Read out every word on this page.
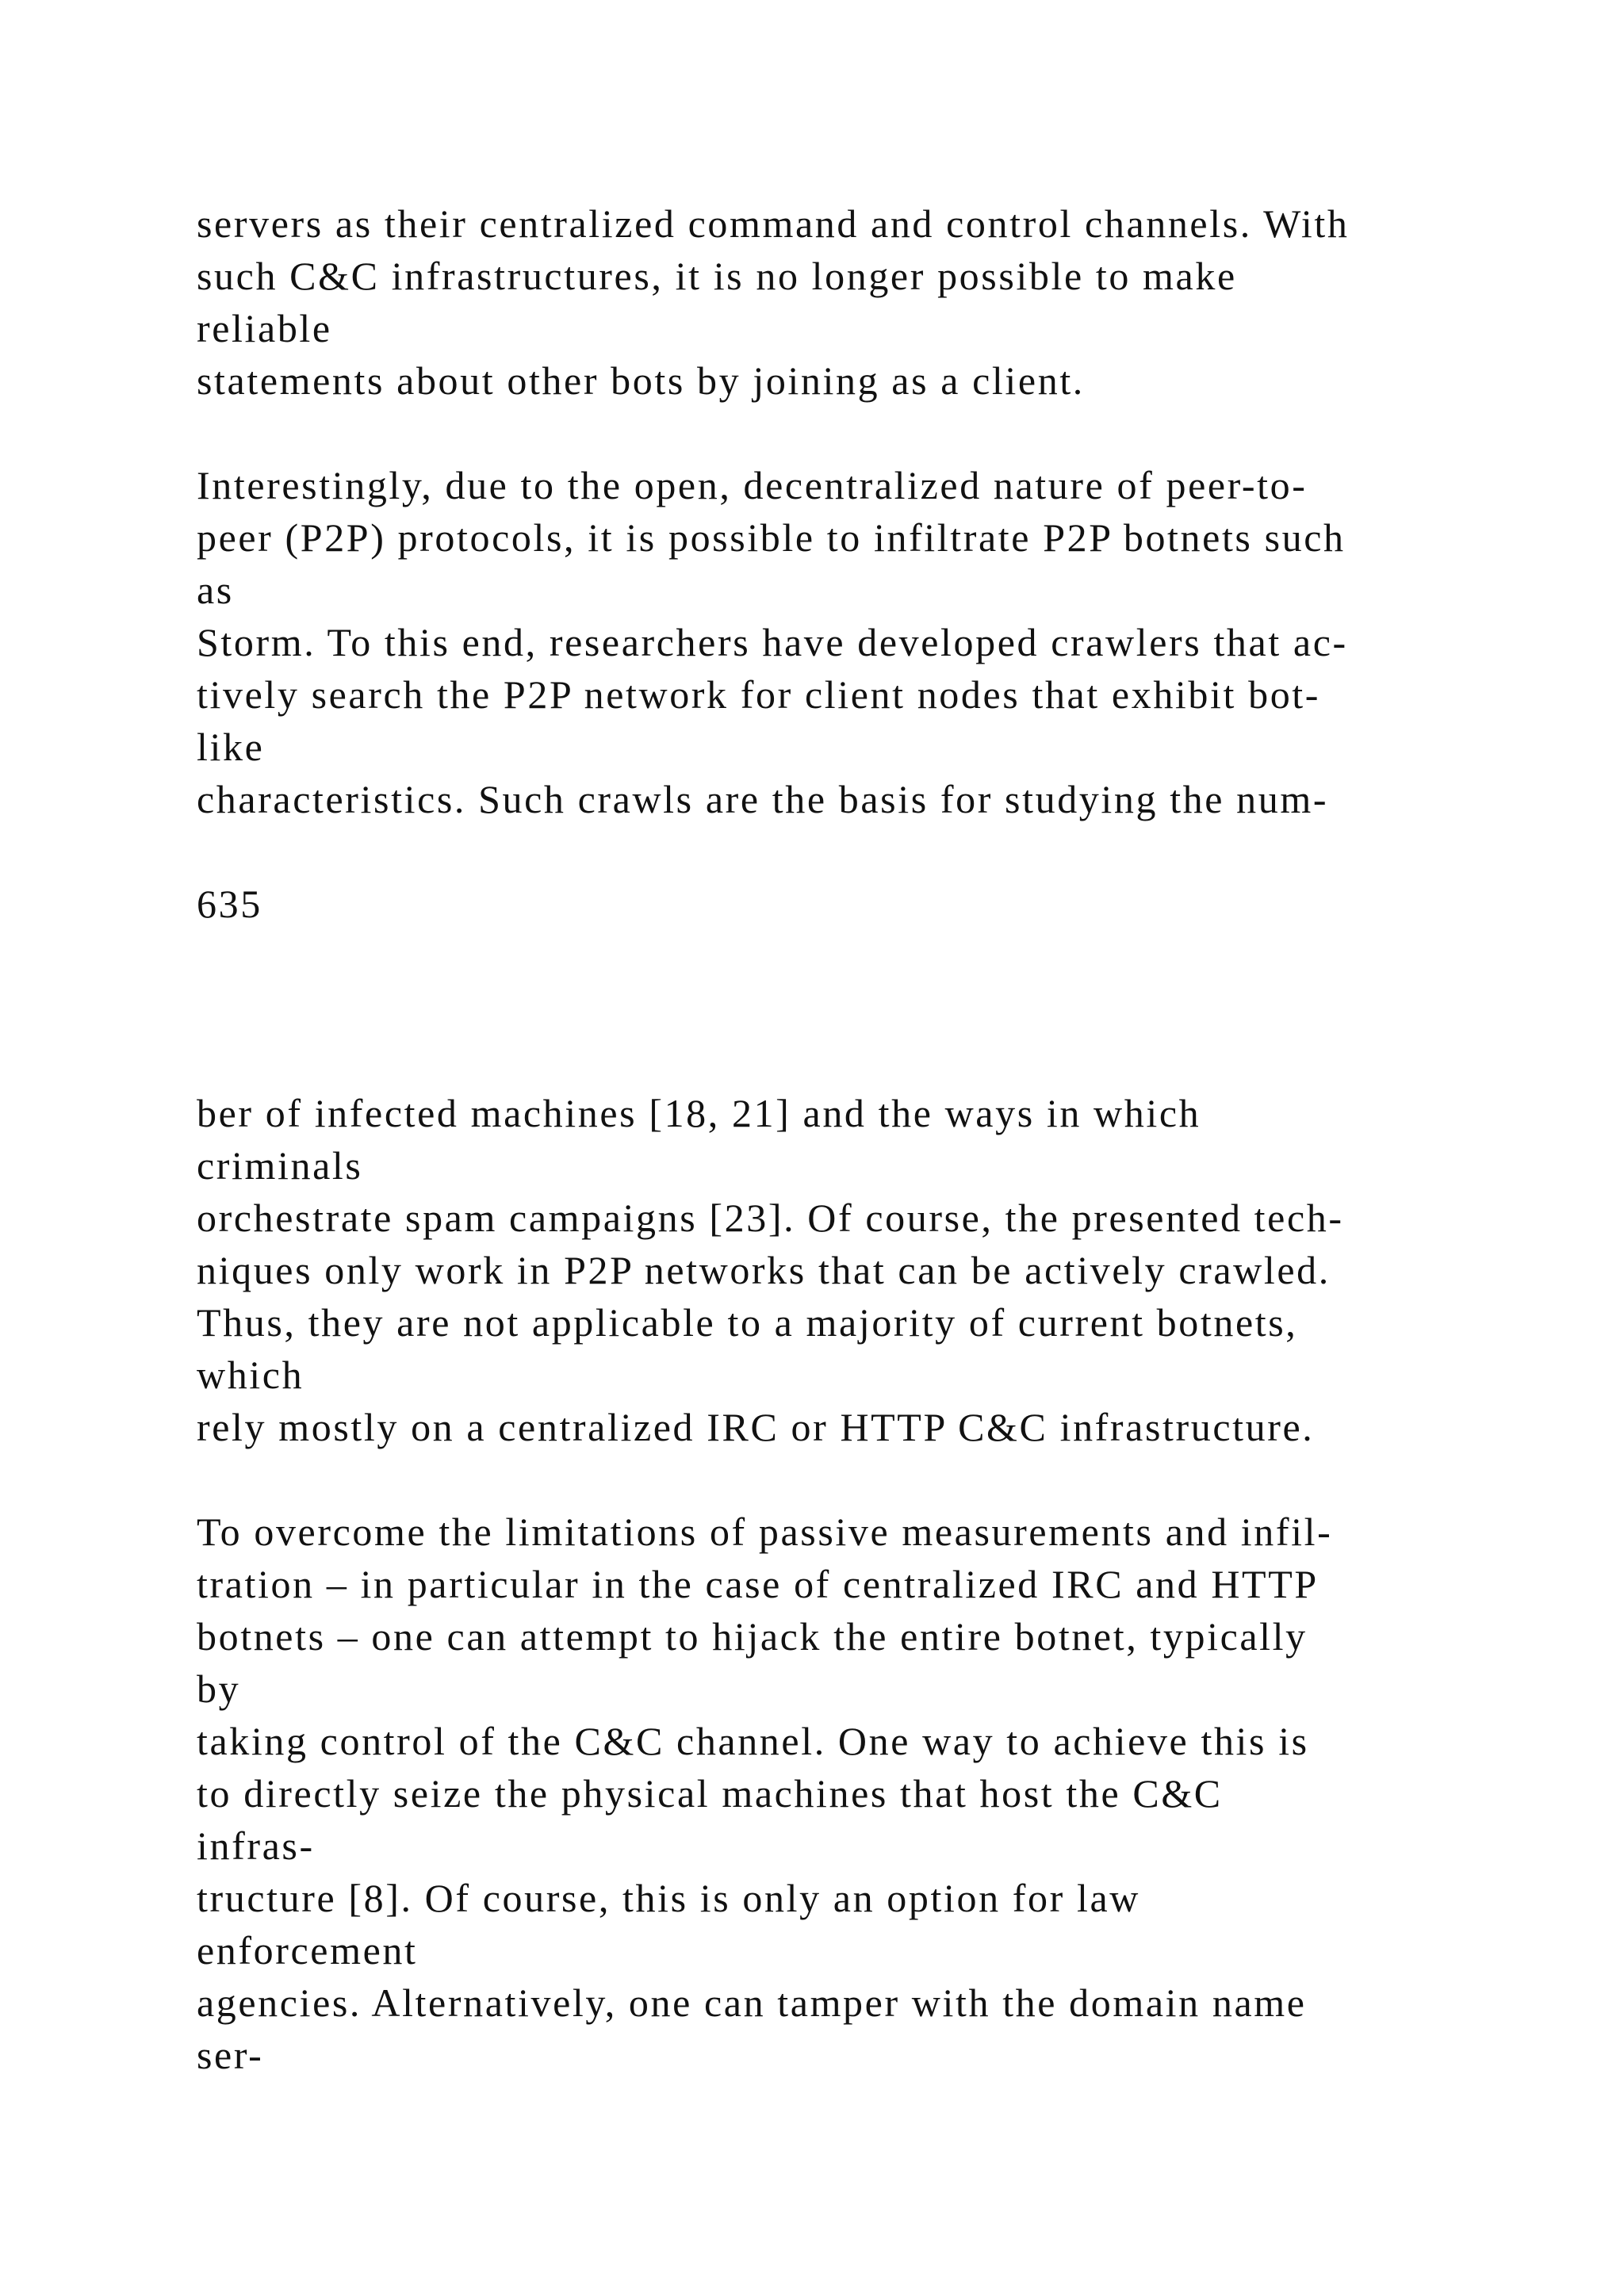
servers as their centralized command and control channels. With

such C&C infrastructures, it is no longer possible to make

reliable

statements about other bots by joining as a client.

Interestingly, due to the open, decentralized nature of peer-to-

peer (P2P) protocols, it is possible to infiltrate P2P botnets such

as

Storm. To this end, researchers have developed crawlers that ac-

tively search the P2P network for client nodes that exhibit bot-

like

characteristics. Such crawls are the basis for studying the num-

635

ber of infected machines [18, 21] and the ways in which

criminals

orchestrate spam campaigns [23]. Of course, the presented tech-

niques only work in P2P networks that can be actively crawled.

Thus, they are not applicable to a majority of current botnets,

which

rely mostly on a centralized IRC or HTTP C&C infrastructure.

To overcome the limitations of passive measurements and infil-

tration – in particular in the case of centralized IRC and HTTP

botnets – one can attempt to hijack the entire botnet, typically

by

taking control of the C&C channel. One way to achieve this is

to directly seize the physical machines that host the C&C

infras-

tructure [8]. Of course, this is only an option for law

enforcement

agencies. Alternatively, one can tamper with the domain name

ser-
